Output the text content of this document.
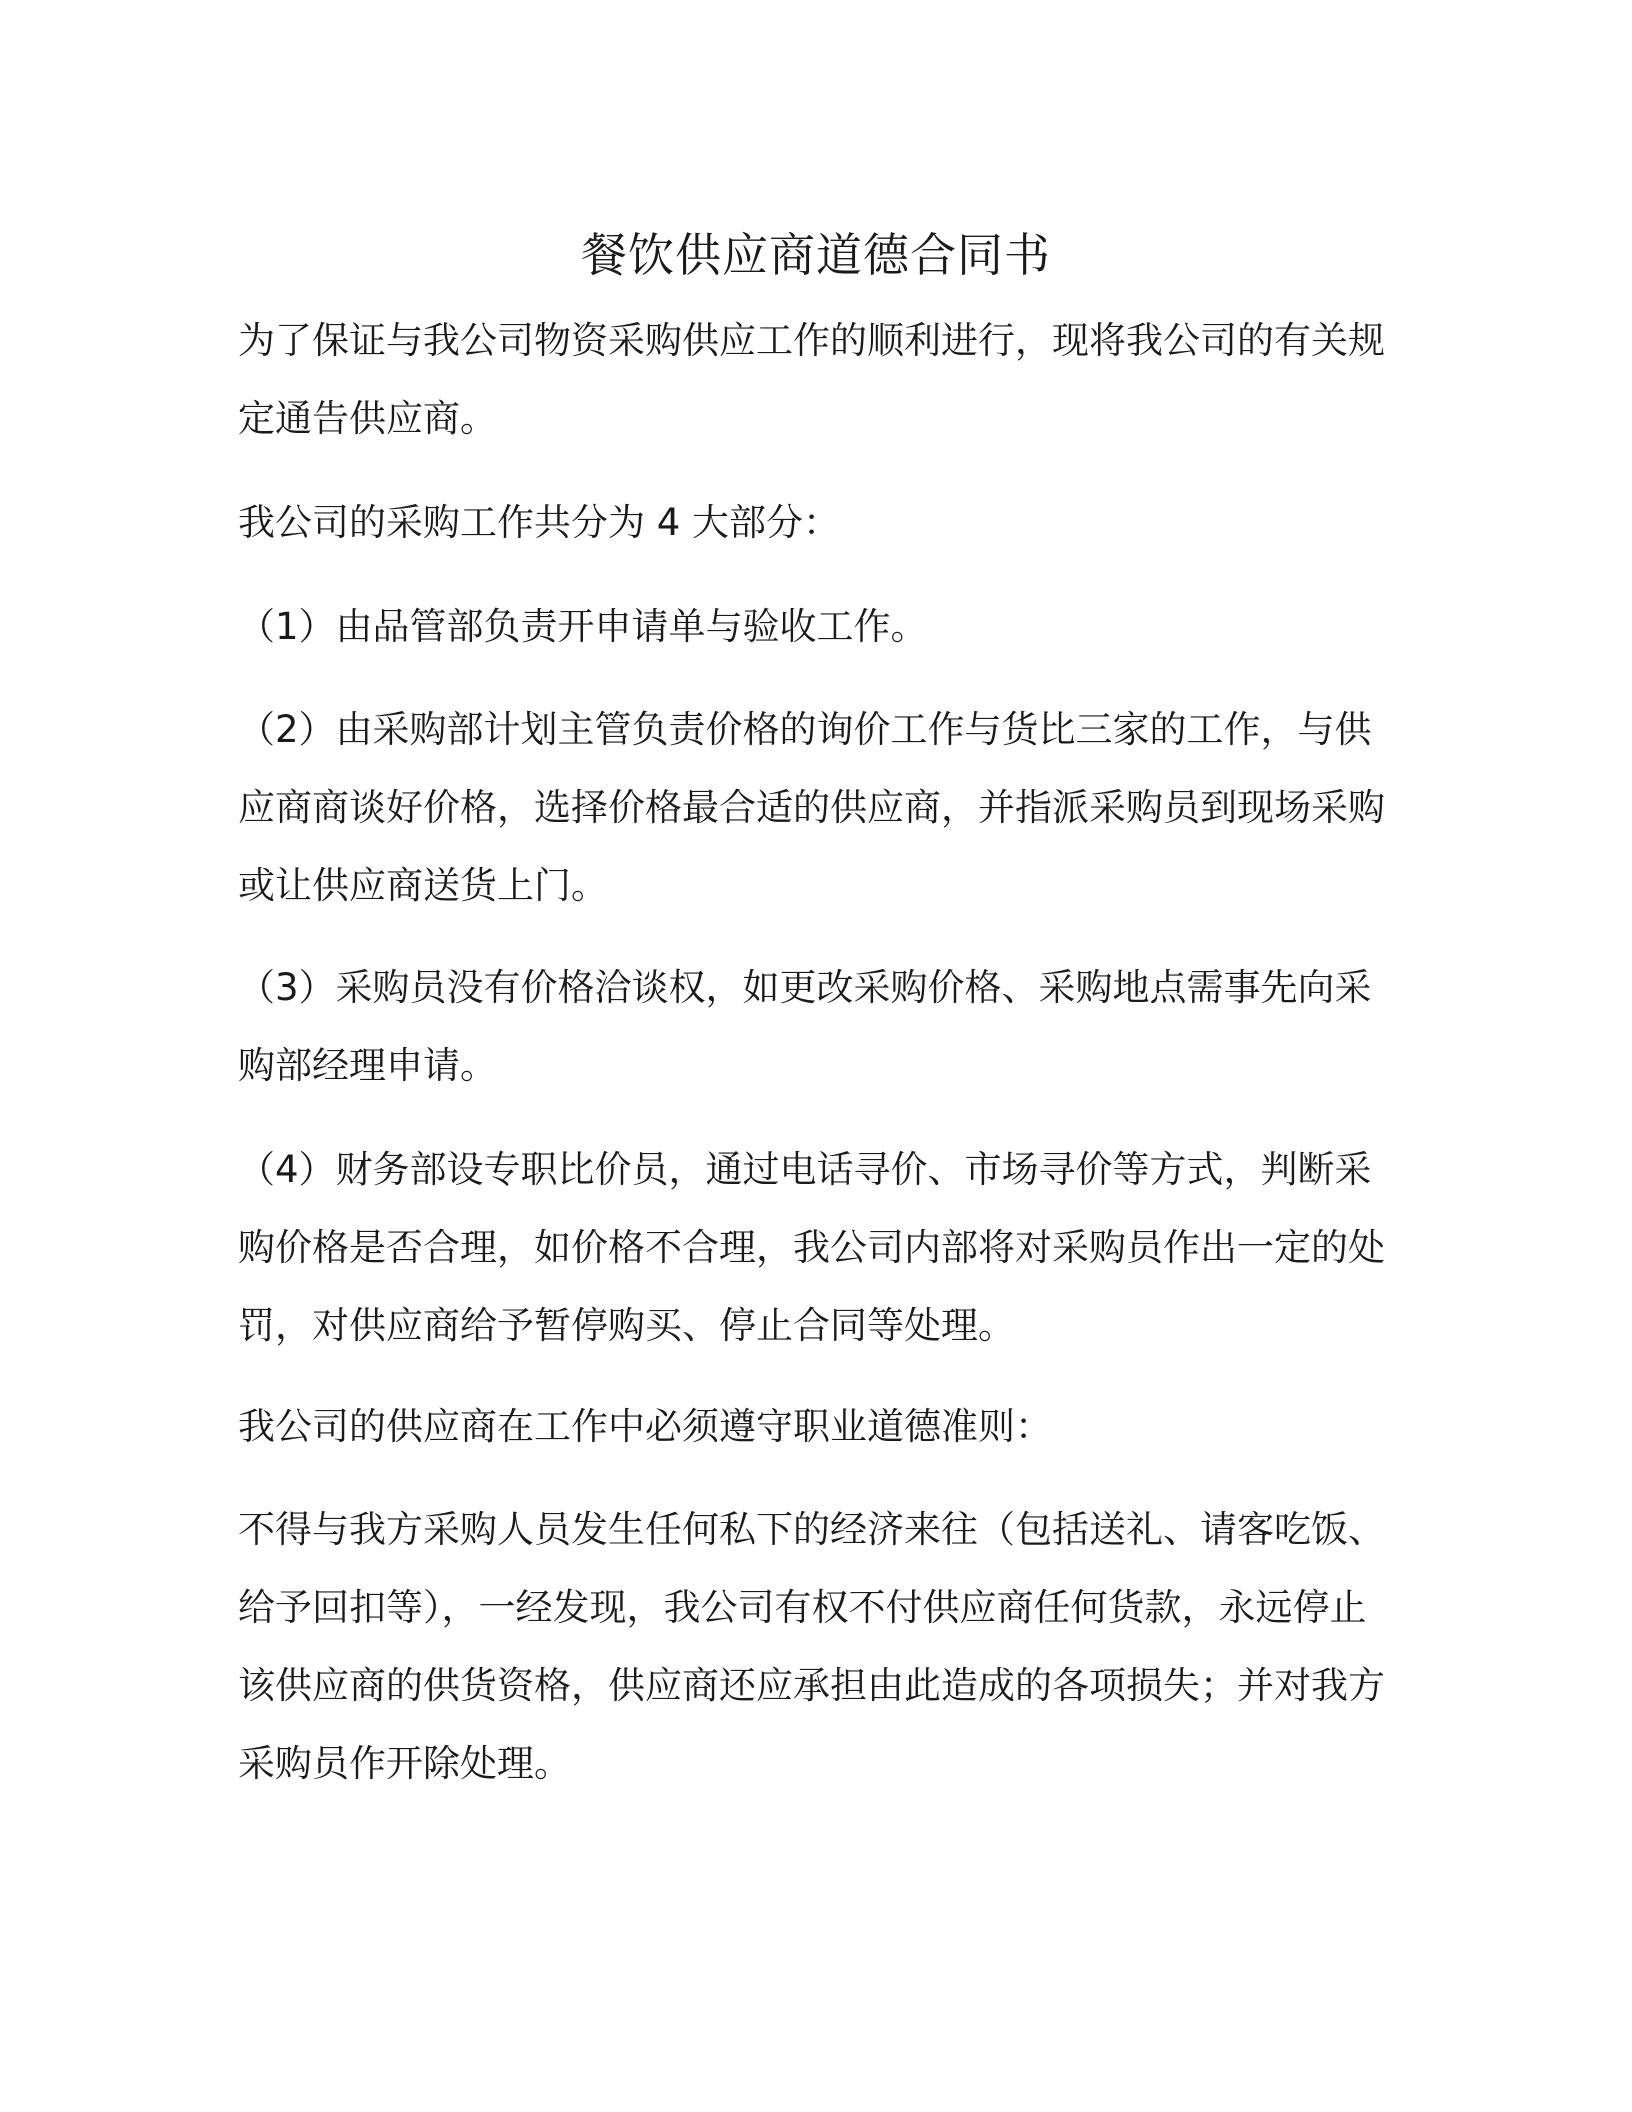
餐饮供应商道德合同书

为了保证与我公司物资采购供应工作的顺利进行，现将我公司的有关规定通告供应商。

我公司的采购工作共分为 4 大部分：

（1）由品管部负责开申请单与验收工作。

（2）由采购部计划主管负责价格的询价工作与货比三家的工作，与供应商商谈好价格，选择价格最合适的供应商，并指派采购员到现场采购或让供应商送货上门。

（3）采购员没有价格洽谈权，如更改采购价格、采购地点需事先向采购部经理申请。

（4）财务部设专职比价员，通过电话寻价、市场寻价等方式，判断采购价格是否合理，如价格不合理，我公司内部将对采购员作出一定的处罚，对供应商给予暂停购买、停止合同等处理。

我公司的供应商在工作中必须遵守职业道德准则：

不得与我方采购人员发生任何私下的经济来往（包括送礼、请客吃饭、给予回扣等），一经发现，我公司有权不付供应商任何货款，永远停止该供应商的供货资格，供应商还应承担由此造成的各项损失；并对我方采购员作开除处理。
